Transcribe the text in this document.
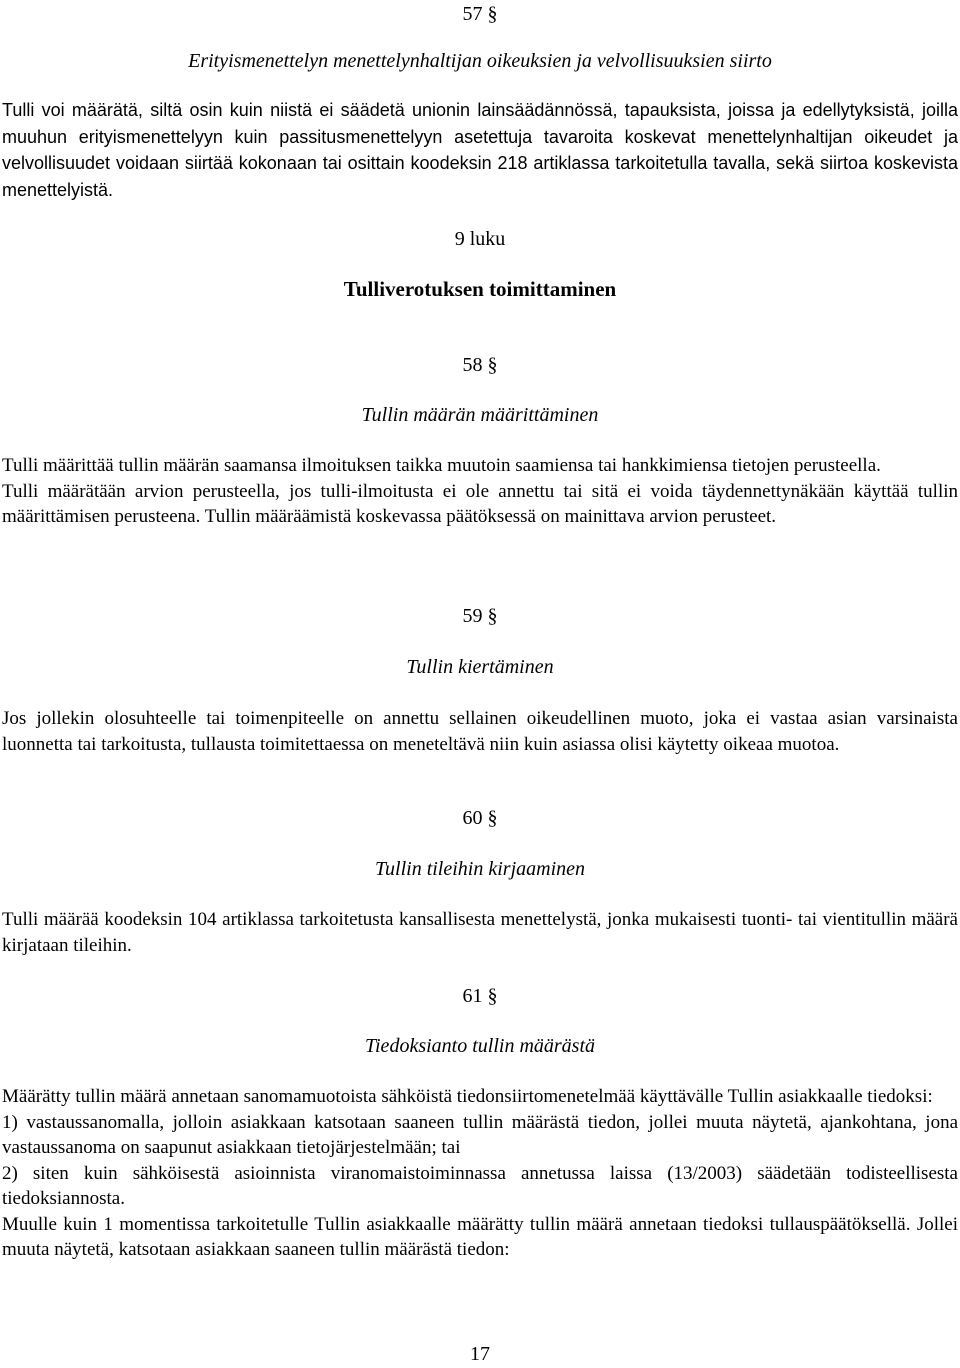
57 §
Erityismenettelyn menettelynhaltijan oikeuksien ja velvollisuuksien siirto

Tulli voi määrätä, siltä osin kuin niistä ei säädetä unionin lainsäädännössä, tapauksista, joissa ja edellytyksistä, joilla muuhun erityismenettelyyn kuin passitusmenettelyyn asetettuja tavaroita koskevat menettelynhaltijan oikeudet ja velvollisuudet voidaan siirtää kokonaan tai osittain koodeksin 218 artiklassa tarkoitetulla tavalla, sekä siirtoa koskevista menettelyistä.

9 luku
Tulliverotuksen toimittaminen
58 §
Tullin määrän määrittäminen

Tulli määrittää tullin määrän saamansa ilmoituksen taikka muutoin saamiensa tai hankkimiensa tietojen perusteella.

Tulli määrätään arvion perusteella, jos tulli-ilmoitusta ei ole annettu tai sitä ei voida täydennettynäkään käyttää tullin määrittämisen perusteena. Tullin määräämistä koskevassa päätöksessä on mainittava arvion perusteet.

59 §
Tullin kiertäminen

Jos jollekin olosuhteelle tai toimenpiteelle on annettu sellainen oikeudellinen muoto, joka ei vastaa asian varsinaista luonnetta tai tarkoitusta, tullausta toimitettaessa on meneteltävä niin kuin asiassa olisi käytetty oikeaa muotoa.

60 §
Tullin tileihin kirjaaminen

Tulli määrää koodeksin 104 artiklassa tarkoitetusta kansallisesta menettelystä, jonka mukaisesti tuonti- tai vientitullin määrä kirjataan tileihin.

61 §
Tiedoksianto tullin määrästä

Määrätty tullin määrä annetaan sanomamuotoista sähköistä tiedonsiirtomenetelmää käyttävälle Tullin asiakkaalle tiedoksi:

1) vastaussanomalla, jolloin asiakkaan katsotaan saaneen tullin määrästä tiedon, jollei muuta näytetä, ajankohtana, jona vastaussanoma on saapunut asiakkaan tietojärjestelmään; tai

2) siten kuin sähköisestä asioinnista viranomaistoiminnassa annetussa laissa (13/2003) säädetään todisteellisesta tiedoksiannosta.

Muulle kuin 1 momentissa tarkoitetulle Tullin asiakkaalle määrätty tullin määrä annetaan tiedoksi tullauspäätöksellä. Jollei muuta näytetä, katsotaan asiakkaan saaneen tullin määrästä tiedon:

17
